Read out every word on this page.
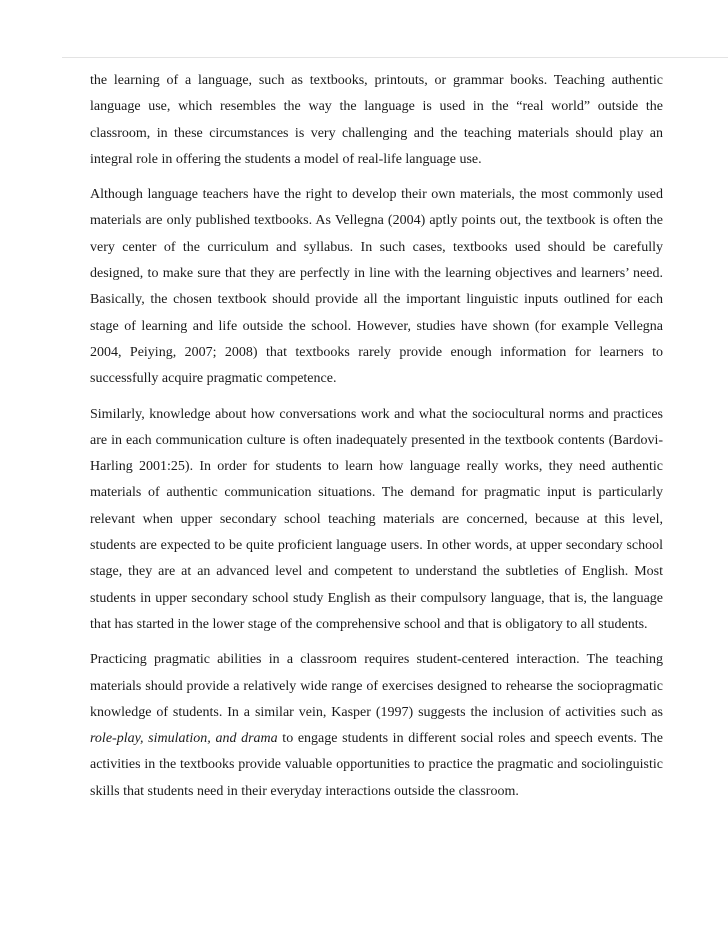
the learning of a language, such as textbooks, printouts, or grammar books. Teaching authentic language use, which resembles the way the language is used in the “real world” outside the classroom, in these circumstances is very challenging and the teaching materials should play an integral role in offering the students a model of real-life language use.

Although language teachers have the right to develop their own materials, the most commonly used materials are only published textbooks. As Vellegna (2004) aptly points out, the textbook is often the very center of the curriculum and syllabus. In such cases, textbooks used should be carefully designed, to make sure that they are perfectly in line with the learning objectives and learners’ need. Basically, the chosen textbook should provide all the important linguistic inputs outlined for each stage of learning and life outside the school. However, studies have shown (for example Vellegna 2004, Peiying, 2007; 2008) that textbooks rarely provide enough information for learners to successfully acquire pragmatic competence.

Similarly, knowledge about how conversations work and what the sociocultural norms and practices are in each communication culture is often inadequately presented in the textbook contents (Bardovi-Harling 2001:25). In order for students to learn how language really works, they need authentic materials of authentic communication situations. The demand for pragmatic input is particularly relevant when upper secondary school teaching materials are concerned, because at this level, students are expected to be quite proficient language users. In other words, at upper secondary school stage, they are at an advanced level and competent to understand the subtleties of English. Most students in upper secondary school study English as their compulsory language, that is, the language that has started in the lower stage of the comprehensive school and that is obligatory to all students.

Practicing pragmatic abilities in a classroom requires student-centered interaction. The teaching materials should provide a relatively wide range of exercises designed to rehearse the sociopragmatic knowledge of students. In a similar vein, Kasper (1997) suggests the inclusion of activities such as role-play, simulation, and drama to engage students in different social roles and speech events. The activities in the textbooks provide valuable opportunities to practice the pragmatic and sociolinguistic skills that students need in their everyday interactions outside the classroom.
